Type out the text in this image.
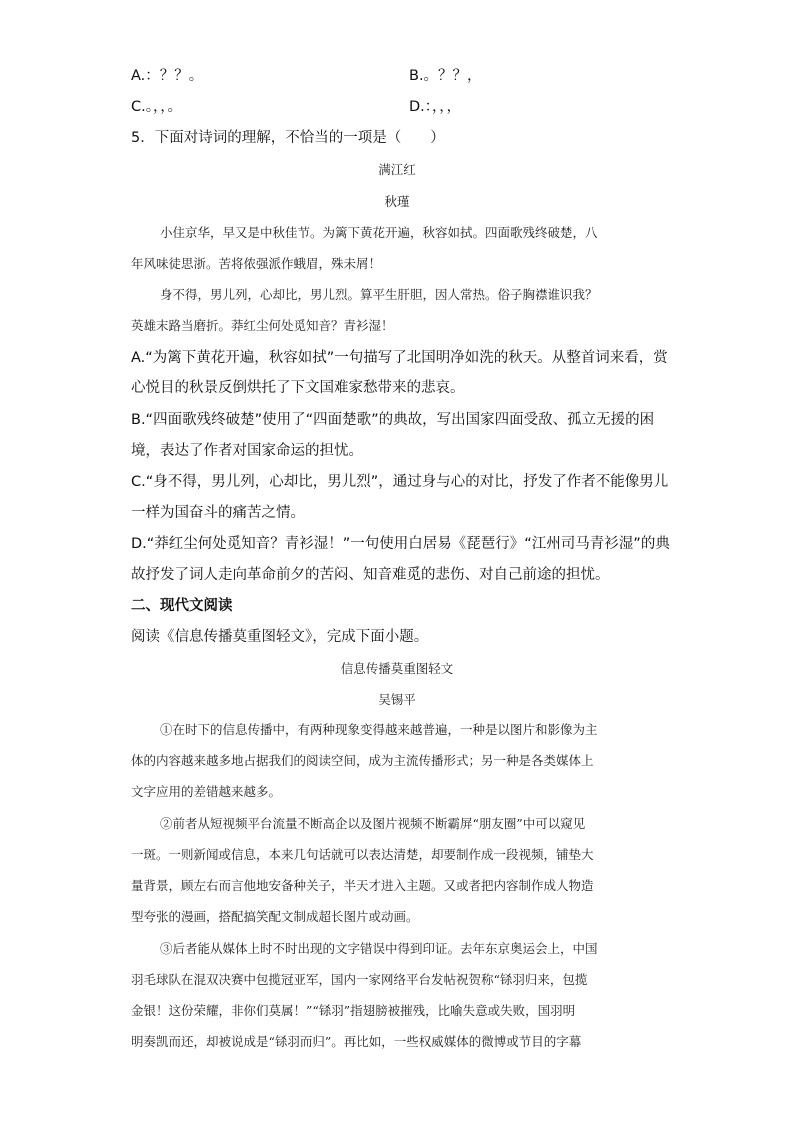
A.：？？。	B.。？？，
C.。，，。	D.：，，，
5．下面对诗词的理解，不恰当的一项是（　　）
满江红
秋瑾
小住京华，早又是中秋佳节。为篱下黄花开遍，秋容如拭。四面歌残终破楚，八
年风味徒思浙。苦将侬强派作蛾眉，殊未屑！
身不得，男儿列，心却比，男儿烈。算平生肝胆，因人常热。俗子胸襟谁识我？
英雄末路当磨折。莽红尘何处觅知音？青衫湿！
A.“为篱下黄花开遍，秋容如拭”一句描写了北国明净如洗的秋天。从整首词来看，赏
心悦目的秋景反倒烘托了下文国难家愁带来的悲哀。
B.“四面歌残终破楚”使用了“四面楚歌”的典故，写出国家四面受敌、孤立无援的困
境，表达了作者对国家命运的担忧。
C.“身不得，男儿列，心却比，男儿烈”，通过身与心的对比，抒发了作者不能像男儿
一样为国奋斗的痛苦之情。
D.“莽红尘何处觅知音？青衫湿！”一句使用白居易《琵琶行》“江州司马青衫湿”的典
故抒发了词人走向革命前夕的苦闷、知音难觅的悲伤、对自己前途的担忧。
二、现代文阅读
阅读《信息传播莫重图轻文》，完成下面小题。
信息传播莫重图轻文
吴锡平
①在时下的信息传播中，有两种现象变得越来越普遍，一种是以图片和影像为主
体的内容越来越多地占据我们的阅读空间，成为主流传播形式；另一种是各类媒体上
文字应用的差错越来越多。
②前者从短视频平台流量不断高企以及图片视频不断霸屏“朋友圈”中可以窥见
一斑。一则新闻或信息，本来几句话就可以表达清楚，却要制作成一段视频，铺垫大
量背景，顾左右而言他地安备种关子，半天才进入主题。又或者把内容制作成人物造
型夸张的漫画，搭配搞笑配文制成超长图片或动画。
③后者能从媒体上时不时出现的文字错误中得到印证。去年东京奥运会上，中国
羽毛球队在混双决赛中包揽冠亚军，国内一家网络平台发帖祝贺称“铩羽归来，包揽
金银！这份荣耀，非你们莫属！”“铩羽”指翅膀被摧残，比喻失意或失败，国羽明
明奏凯而还，却被说成是“铩羽而归”。再比如，一些权威媒体的微博或节目的字幕
